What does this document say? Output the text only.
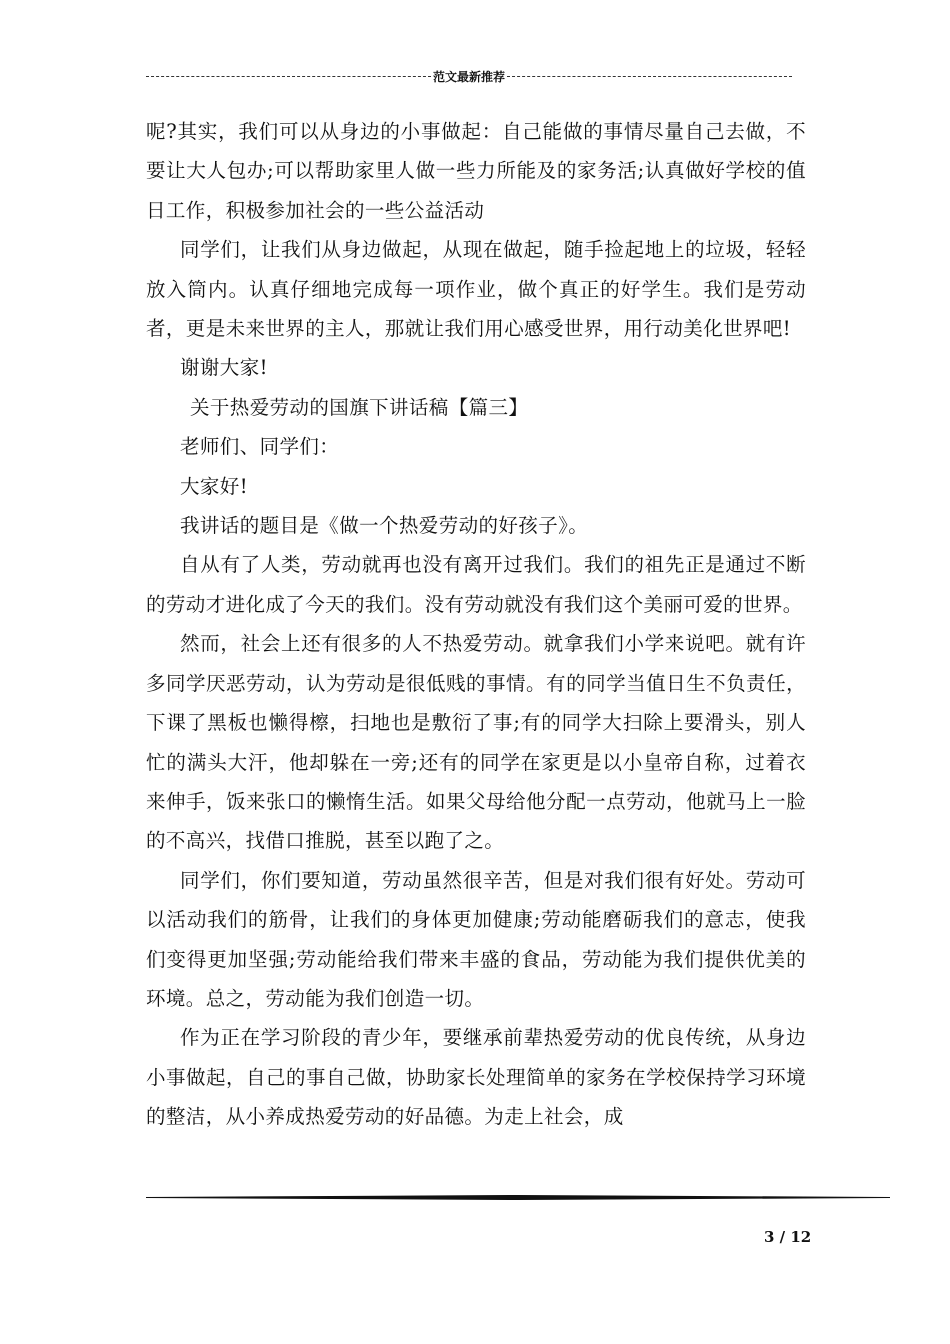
范文最新推荐

呢?其实，我们可以从身边的小事做起：自己能做的事情尽量自己去做，不要让大人包办;可以帮助家里人做一些力所能及的家务活;认真做好学校的值日工作，积极参加社会的一些公益活动

同学们，让我们从身边做起，从现在做起，随手捡起地上的垃圾，轻轻放入筒内。认真仔细地完成每一项作业，做个真正的好学生。我们是劳动者，更是未来世界的主人，那就让我们用心感受世界，用行动美化世界吧!

谢谢大家!

关于热爱劳动的国旗下讲话稿【篇三】

老师们、同学们：

大家好!

我讲话的题目是《做一个热爱劳动的好孩子》。

自从有了人类，劳动就再也没有离开过我们。我们的祖先正是通过不断的劳动才进化成了今天的我们。没有劳动就没有我们这个美丽可爱的世界。

然而，社会上还有很多的人不热爱劳动。就拿我们小学来说吧。就有许多同学厌恶劳动，认为劳动是很低贱的事情。有的同学当值日生不负责任，下课了黑板也懒得檫，扫地也是敷衍了事;有的同学大扫除上要滑头，别人忙的满头大汗，他却躲在一旁;还有的同学在家更是以小皇帝自称，过着衣来伸手，饭来张口的懒惰生活。如果父母给他分配一点劳动，他就马上一脸的不高兴，找借口推脱，甚至以跑了之。

同学们，你们要知道，劳动虽然很辛苦，但是对我们很有好处。劳动可以活动我们的筋骨，让我们的身体更加健康;劳动能磨砺我们的意志，使我们变得更加坚强;劳动能给我们带来丰盛的食品，劳动能为我们提供优美的环境。总之，劳动能为我们创造一切。

作为正在学习阶段的青少年，要继承前辈热爱劳动的优良传统，从身边小事做起，自己的事自己做，协助家长处理简单的家务在学校保持学习环境的整洁，从小养成热爱劳动的好品德。为走上社会，成

3 / 12
